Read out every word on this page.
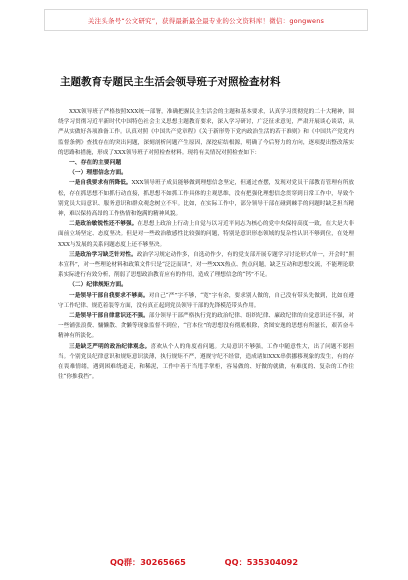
关注头条号“公文研究”，获得最新最全最专业的公文资料库！微信：gongwens
主题教育专题民主生活会领导班子对照检查材料

XXX领导班子严格按照XXX统一部署，准确把握民主生活会的主题和基本要求，认真学习贯彻党的二十大精神，围绕学习贯彻习近平新时代中国特色社会主义思想主题教育要求，深入学习研讨，广泛征求意见，严肃开展谈心谈话，从严从实做好各项准备工作。认真对照《中国共产党章程》《关于新形势下党内政治生活的若干准则》和《中国共产党党内监督条例》查找存在的突出问题，深刻剖析问题产生原因，深挖症结根源，明确了今后努力的方向，逐项提出整改落实的思路和措施，形成了XXX领导班子对照检查材料。现将有关情况对照检查如下：

一、存在的主要问题
（一）理想信念方面。

一是自我要求有所降低。XXX领导班子成员能够做到理想信念坚定，但通过查摆，发现对党员干部教育管理有所放松，存在抓思想不如抓行动直接，抓思想不如抓工作具体的主观思维，没有把强化理想信念贯穿到日常工作中，导致个别党员大局意识、服务意识和群众观念树立不牢。比如，在实际工作中，部分领导干部在碰到棘手的问题时缺乏担当精神，难以保持高昂的工作热情和饱满的精神风貌。

二是政治敏锐性还不够强。在思想上政治上行动上自觉与以习近平同志为核心的党中央保持高度一致，在大是大非面前立场坚定、态度坚决。但是对一些政治敏感性比较强的问题，特别是意识形态领域的复杂性认识不够到位，在处理XXX与发展的关系问题态度上还不够坚决。

三是政治学习缺乏针对性。政治学习规定动作多，自选动作少，有的党支部开展专题学习讨论形式单一，开会时“照本宣科”，对一些理论材料和政策文件只是“泛泛而读”，对一些XXX热点、焦点问题，缺乏互动和思想交流，不能理论联系实际进行有效分析，削弱了思想政治教育应有的作用，造成了理想信念的“钙”不足。

（二）纪律规矩方面。

一是领导干部自我要求不够高。对自己“严”字不够，“宽”字有余，要求别人做的，自己没有带头先做到，比如在遵守工作纪律、规范着装等方面，没有真正起到党员领导干部的先锋模范带头作用。

二是领导干部自律意识还不强。部分领导干部严格执行党的政治纪律、组织纪律、廉政纪律的自觉意识还不强，对一些铺张浪费、慵懒散、贪懒等现象监督不到位，“官本位”的思想没有彻底根除，贪图安逸的思想有所滋长，艰苦奋斗精神有所淡化。

三是缺乏严明的政治纪律观念。喜欢从个人的角度看问题。大局意识不够强，工作中随意性大，出了问题不愿担当。个别党员纪律意识和规矩意识淡薄，执行规矩不严，遵规守纪不经常，造成诸如XXX串供挪移现象的发生，有的存在畏难情绪，遇到困难绕道走，和稀泥，工作中善于当甩手掌柜，容易做的、好做的就做，有难度的、复杂的工作往往“你推我挡”。

QQ群：30265665	QQ：535304092
